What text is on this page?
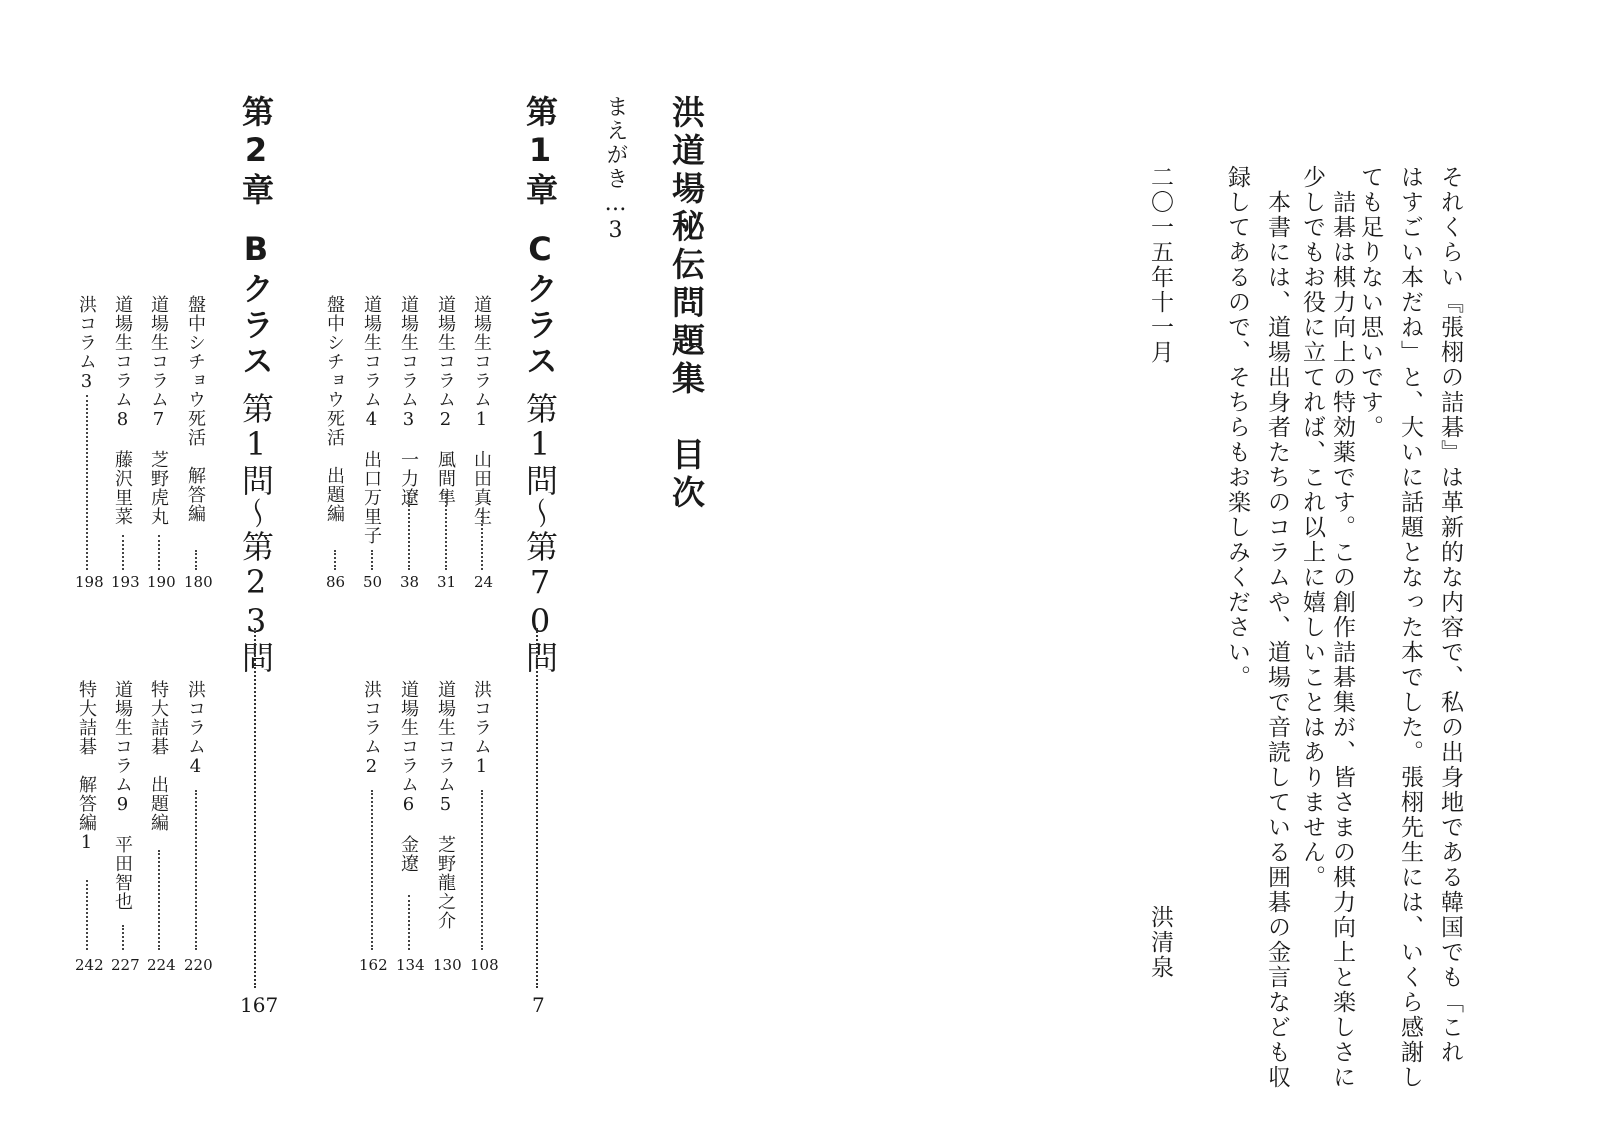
それくらい『張栩の詰碁』は革新的な内容で、私の出身地である韓国でも「これ
はすごい本だね」と、大いに話題となった本でした。張栩先生には、いくら感謝し
ても足りない思いです。
詰碁は棋力向上の特効薬です。この創作詰碁集が、皆さまの棋力向上と楽しさに
少しでもお役に立てれば、これ以上に嬉しいことはありません。
本書には、道場出身者たちのコラムや、道場で音読している囲碁の金言なども収
録してあるので、そちらもお楽しみください。
二〇一五年十一月
洪清泉
洪道場秘伝問題集　目次
まえがき…3
第1章
Cクラス
第1問〜第70問
7
道場生コラム1　山田真生
24
道場生コラム2　風間隼
31
道場生コラム3　一力遼
38
道場生コラム4　出口万里子
50
盤中シチョウ死活　出題編
86
洪コラム1
108
道場生コラム5　芝野龍之介
130
道場生コラム6　金遼
134
洪コラム2
162
第2章
Bクラス
第1問〜第23問
167
盤中シチョウ死活　解答編
180
道場生コラム7　芝野虎丸
190
道場生コラム8　藤沢里菜
193
洪コラム3
198
洪コラム4
220
特大詰碁　出題編
224
道場生コラム9　平田智也
227
特大詰碁　解答編1
242
